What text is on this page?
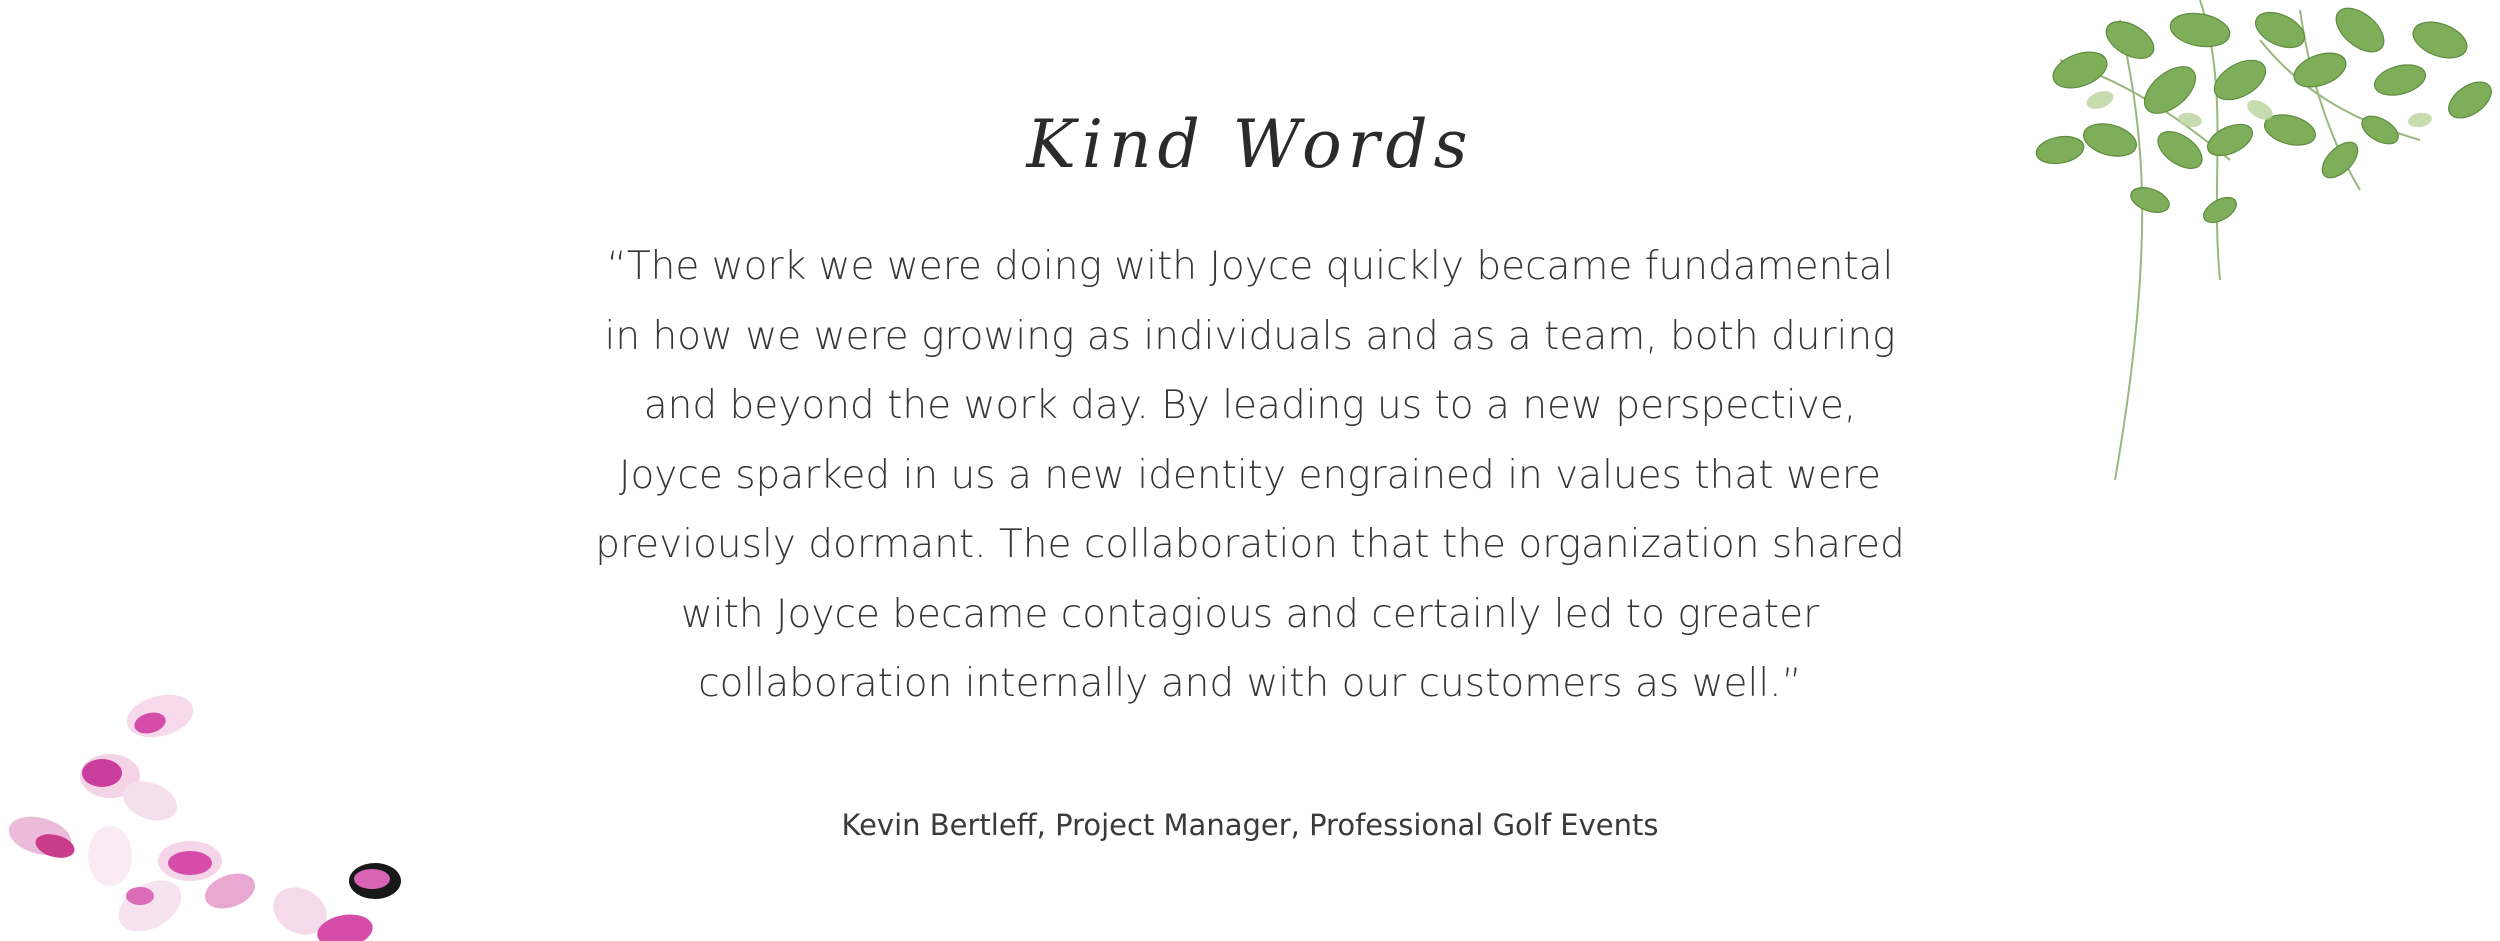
Kind Words

“The work we were doing with Joyce quickly became fundamental
in how we were growing as individuals and as a team, both during
and beyond the work day. By leading us to a new perspective,
Joyce sparked in us a new identity engrained in values that were
previously dormant. The collaboration that the organization shared
with Joyce became contagious and certainly led to greater
collaboration internally and with our customers as well.”

Kevin Bertleff, Project Manager, Professional Golf Events
